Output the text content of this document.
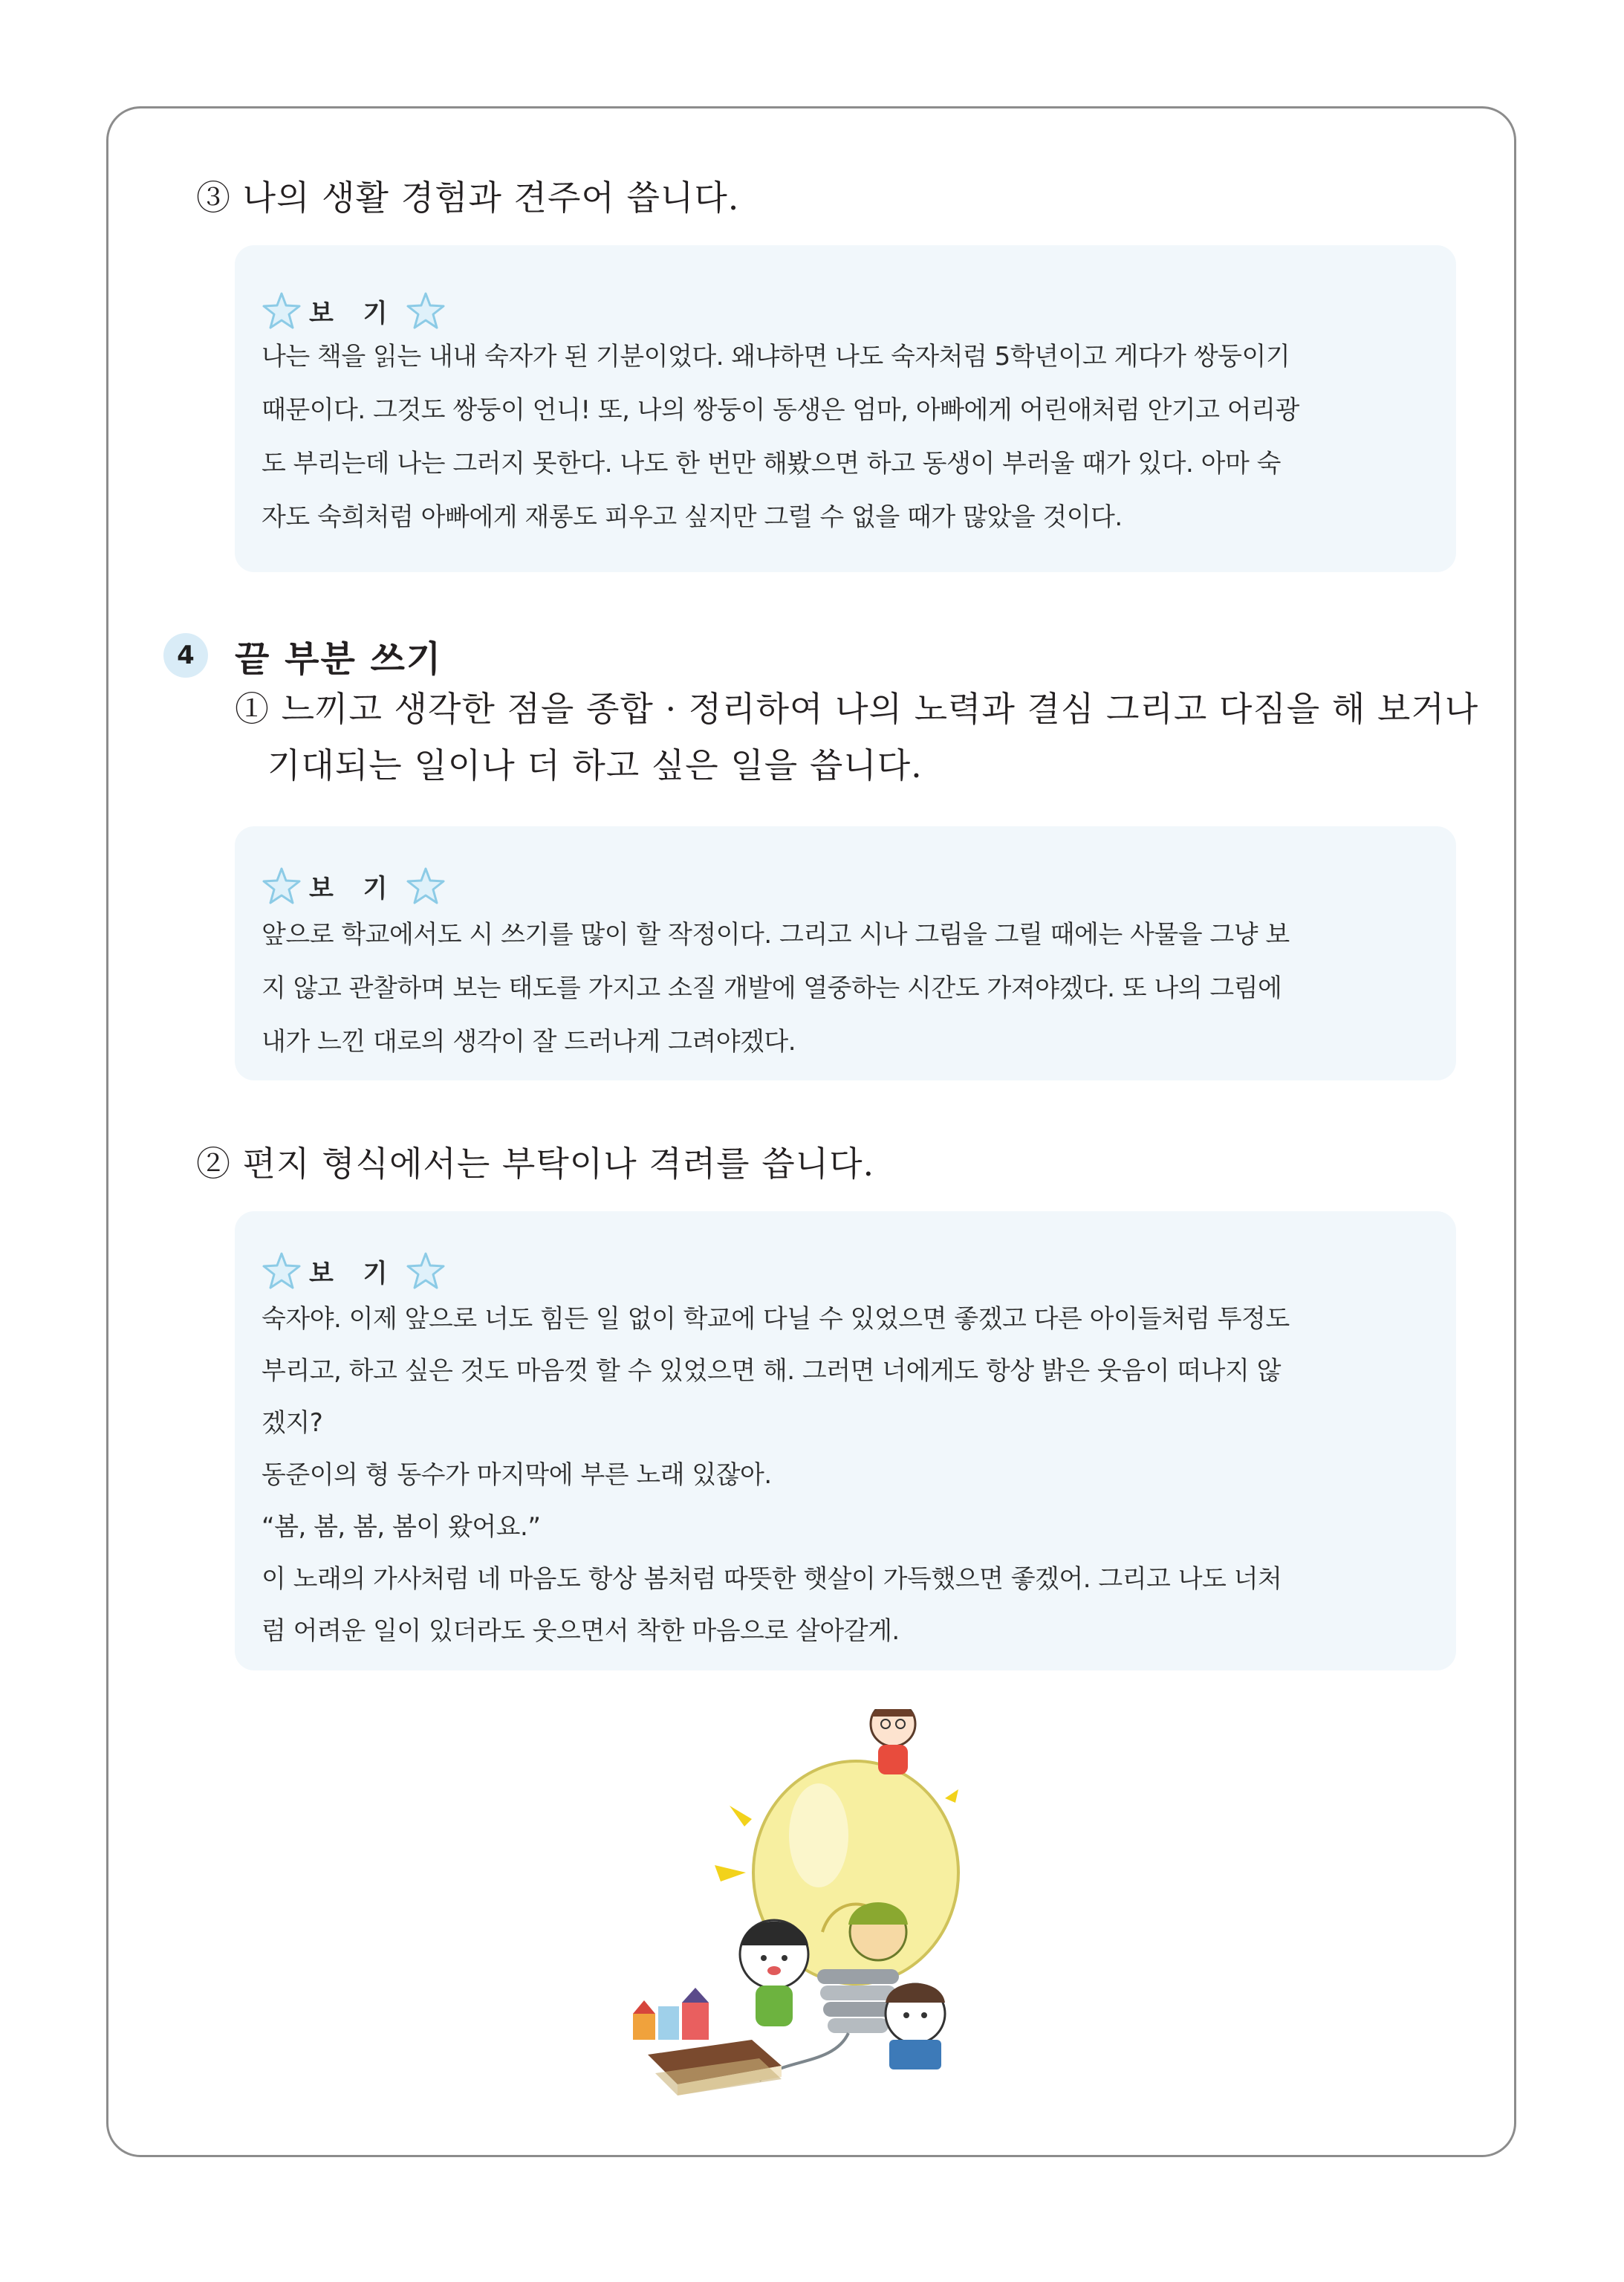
③ 나의 생활 경험과 견주어 씁니다.
보 기

나는 책을 읽는 내내 숙자가 된 기분이었다. 왜냐하면 나도 숙자처럼 5학년이고 게다가 쌍둥이기
때문이다. 그것도 쌍둥이 언니! 또, 나의 쌍둥이 동생은 엄마, 아빠에게 어린애처럼 안기고 어리광
도 부리는데 나는 그러지 못한다. 나도 한 번만 해봤으면 하고 동생이 부러울 때가 있다. 아마 숙
자도 숙희처럼 아빠에게 재롱도 피우고 싶지만 그럴 수 없을 때가 많았을 것이다.

4	끝 부분 쓰기
① 느끼고 생각한 점을 종합 · 정리하여 나의 노력과 결심 그리고 다짐을 해 보거나
기대되는 일이나 더 하고 싶은 일을 씁니다.
보 기

앞으로 학교에서도 시 쓰기를 많이 할 작정이다. 그리고 시나 그림을 그릴 때에는 사물을 그냥 보
지 않고 관찰하며 보는 태도를 가지고 소질 개발에 열중하는 시간도 가져야겠다. 또 나의 그림에
내가 느낀 대로의 생각이 잘 드러나게 그려야겠다.

② 편지 형식에서는 부탁이나 격려를 씁니다.
보 기

숙자야. 이제 앞으로 너도 힘든 일 없이 학교에 다닐 수 있었으면 좋겠고 다른 아이들처럼 투정도
부리고, 하고 싶은 것도 마음껏 할 수 있었으면 해. 그러면 너에게도 항상 밝은 웃음이 떠나지 않
겠지?
동준이의 형 동수가 마지막에 부른 노래 있잖아.
“봄, 봄, 봄, 봄이 왔어요.”
이 노래의 가사처럼 네 마음도 항상 봄처럼 따뜻한 햇살이 가득했으면 좋겠어. 그리고 나도 너처
럼 어려운 일이 있더라도 웃으면서 착한 마음으로 살아갈게.
